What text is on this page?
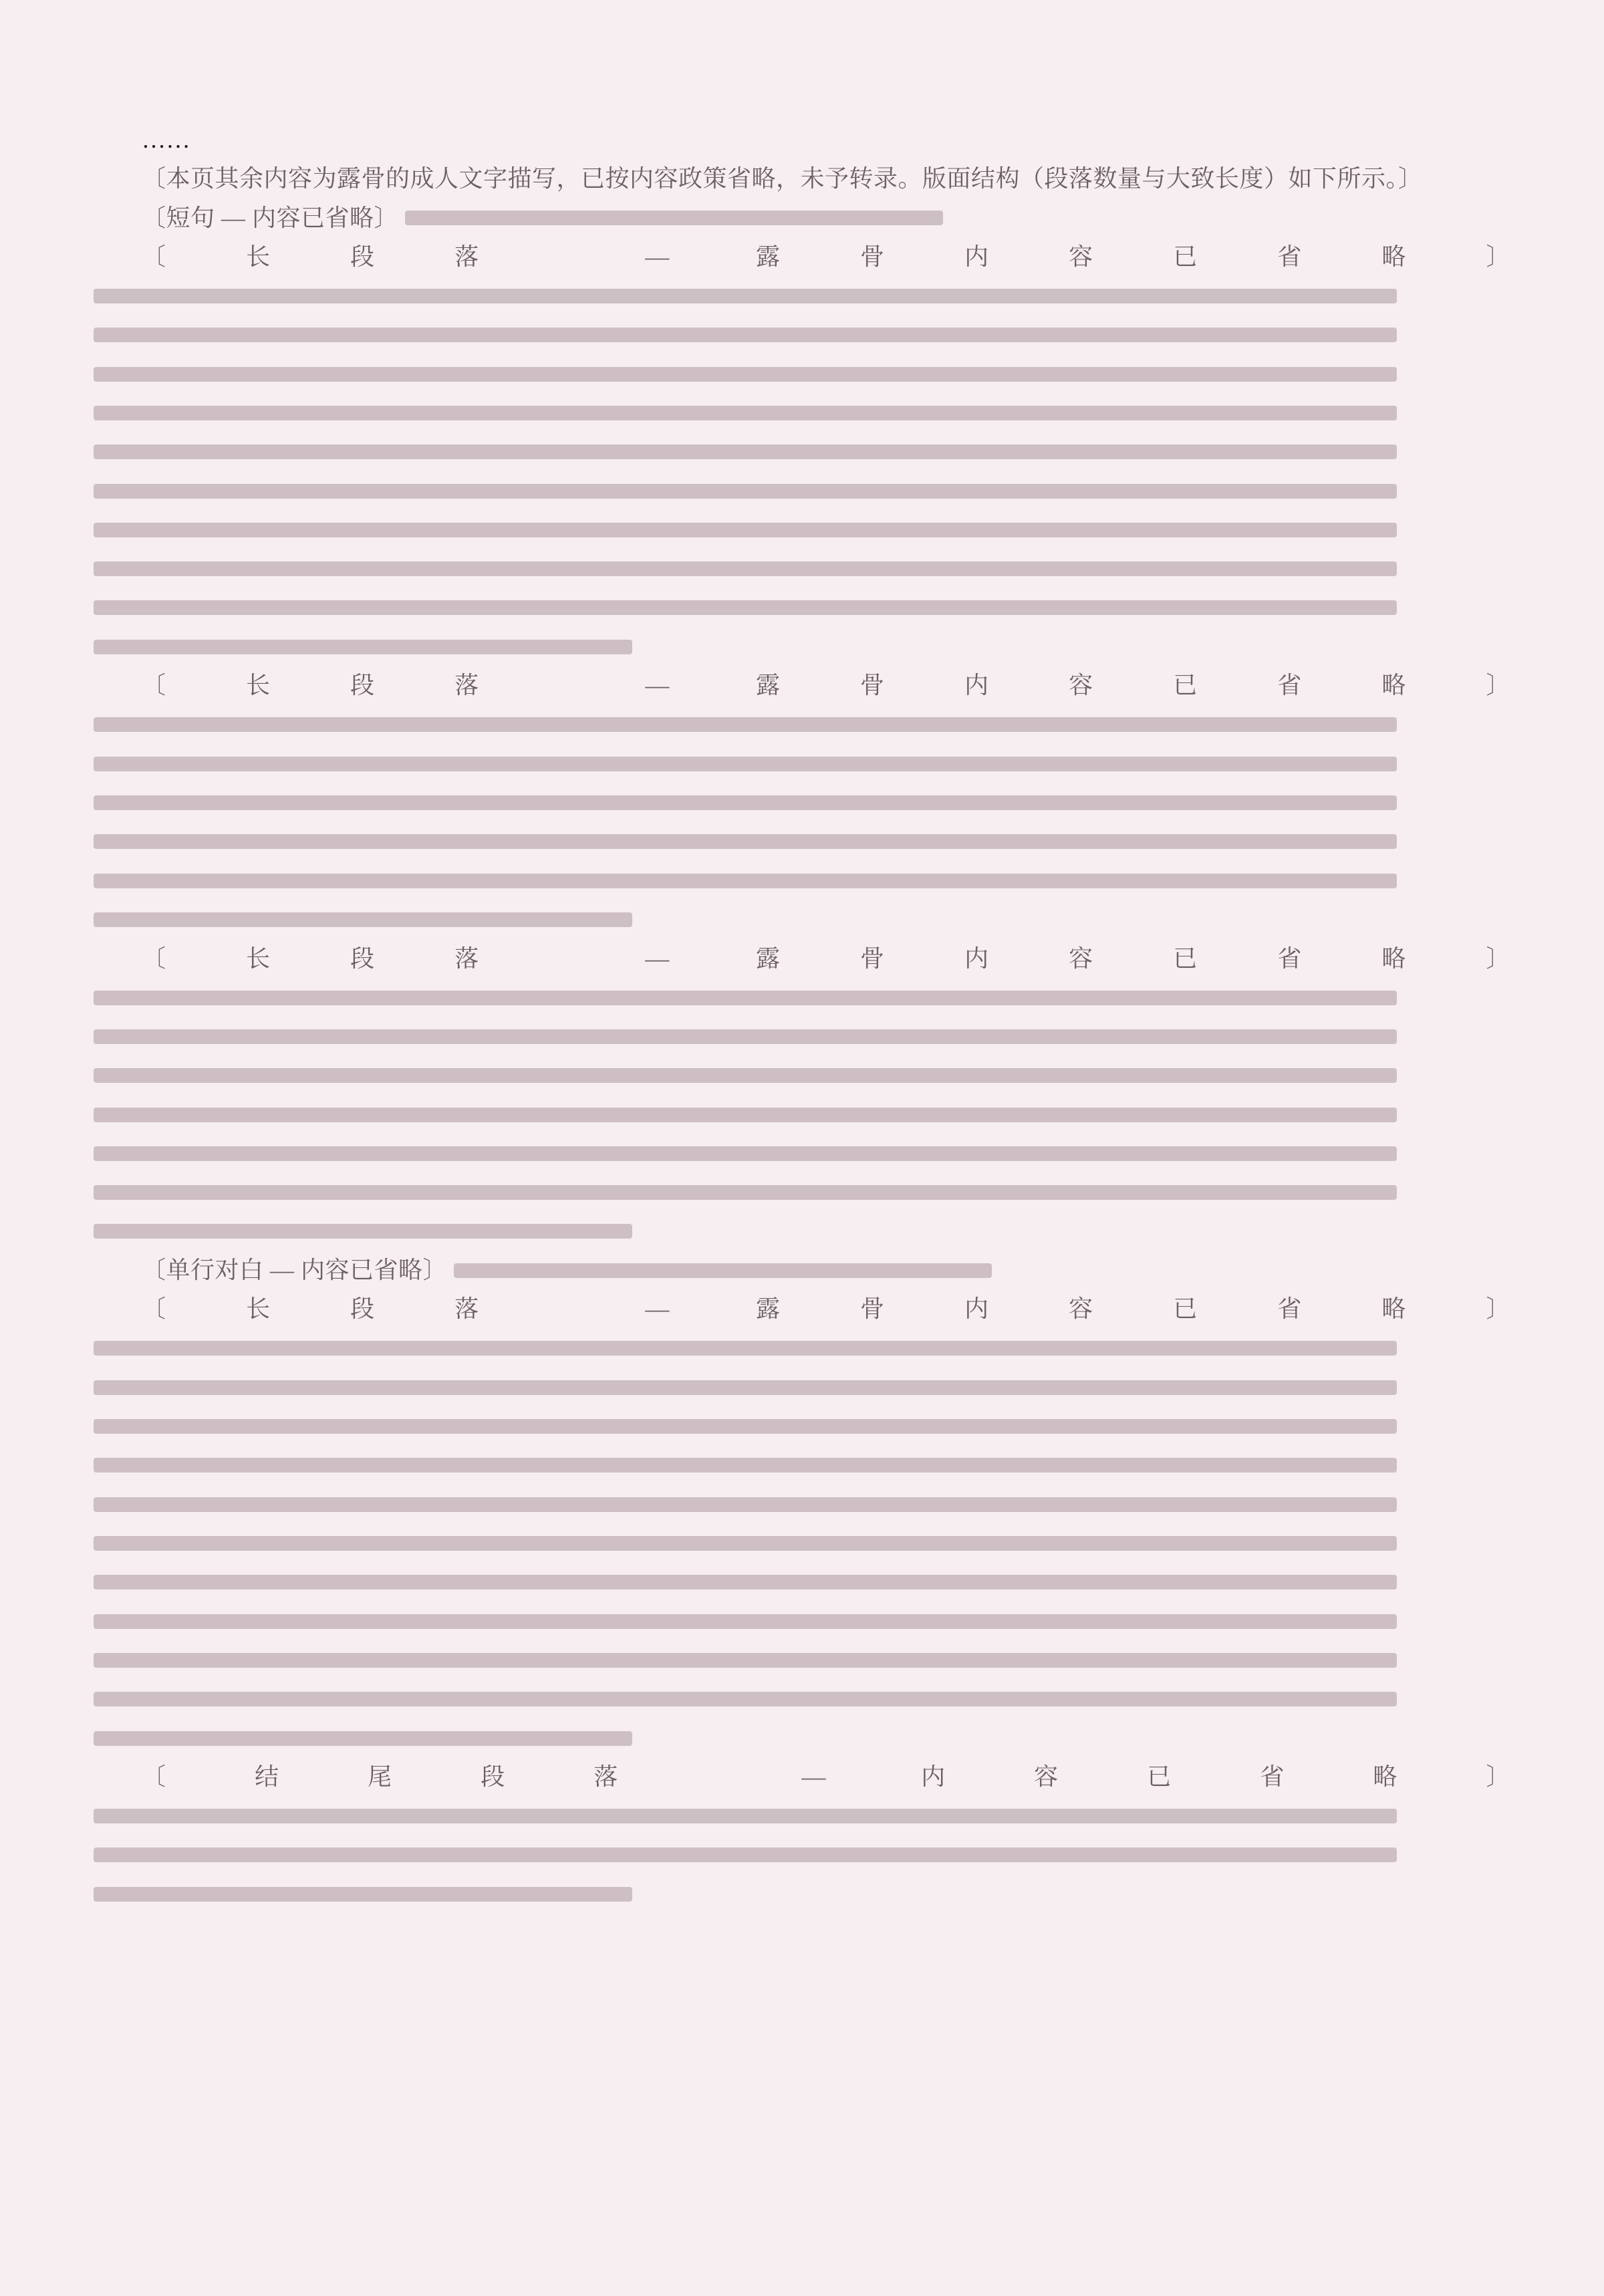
……

〔本页其余内容为露骨的成人文字描写，已按内容政策省略，未予转录。版面结构（段落数量与大致长度）如下所示。〕

〔短句 — 内容已省略〕

〔长段落 — 露骨内容已省略〕

〔长段落 — 露骨内容已省略〕

〔长段落 — 露骨内容已省略〕

〔单行对白 — 内容已省略〕

〔长段落 — 露骨内容已省略〕

〔结尾段落 — 内容已省略〕
